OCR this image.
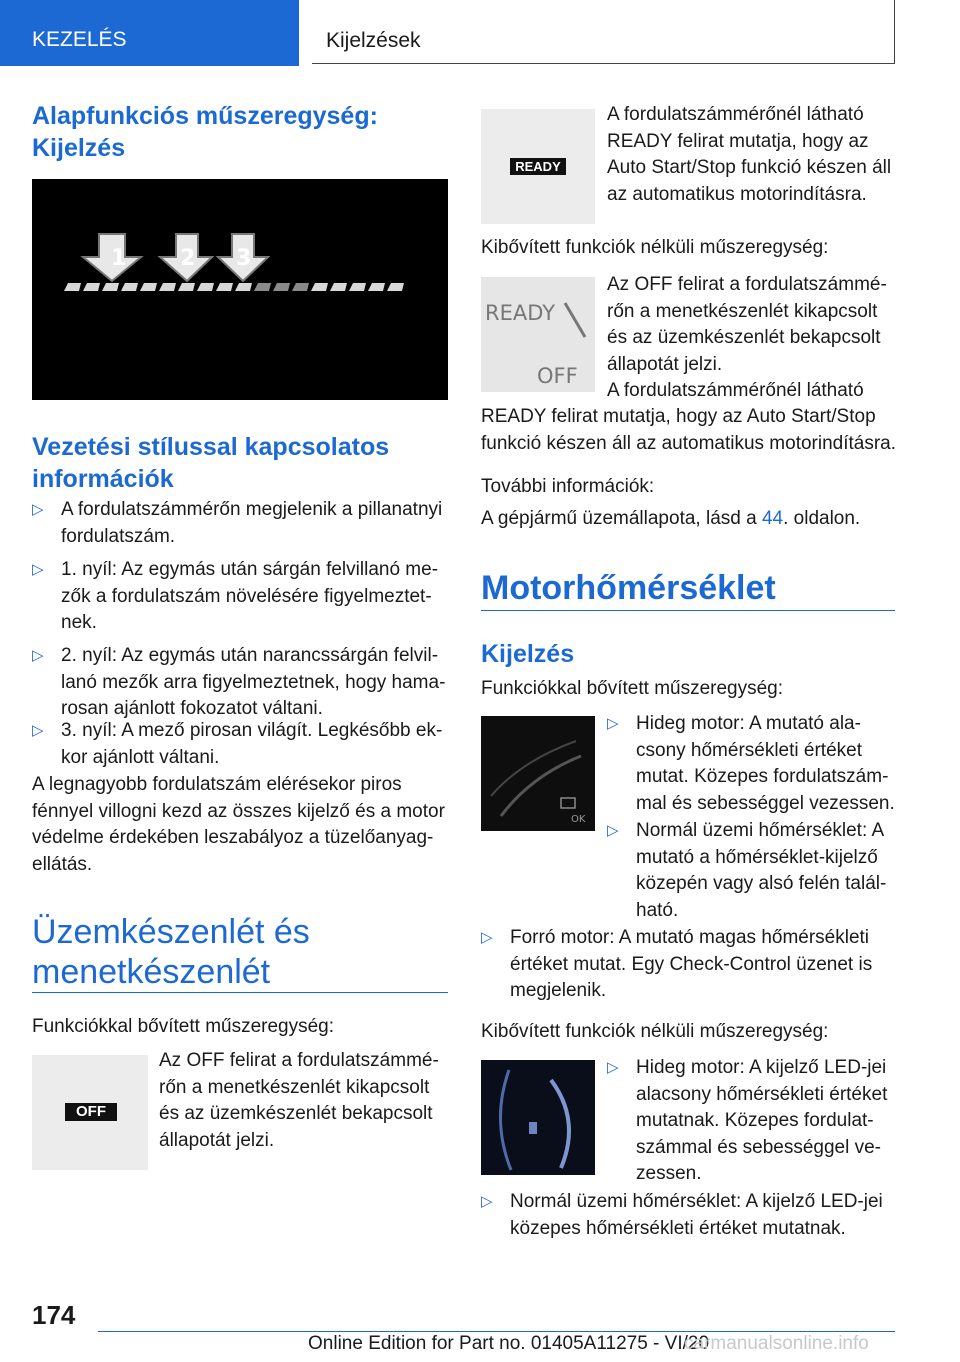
KEZELÉS	Kijelzések
Alapfunkciós műszeregység:
Kijelzés
1 2 3
Vezetési stílussal kapcsolatos
információk
▷ A fordulatszámmérőn megjelenik a pillanatnyi
fordulatszám.
▷ 1. nyíl: Az egymás után sárgán felvillanó me-
zők a fordulatszám növelésére figyelmeztet-
nek.
▷ 2. nyíl: Az egymás után narancssárgán felvil-
lanó mezők arra figyelmeztetnek, hogy hama-
rosan ajánlott fokozatot váltani.
▷ 3. nyíl: A mező pirosan világít. Legkésőbb ek-
kor ajánlott váltani.
A legnagyobb fordulatszám elérésekor piros
fénnyel villogni kezd az összes kijelző és a motor
védelme érdekében leszabályoz a tüzelőanyag-
ellátás.
Üzemkészenlét és
menetkészenlét
Funkciókkal bővített műszeregység:
OFF
Az OFF felirat a fordulatszámmé-
rőn a menetkészenlét kikapcsolt
és az üzemkészenlét bekapcsolt
állapotát jelzi.
READY
A fordulatszámmérőnél látható
READY felirat mutatja, hogy az
Auto Start/Stop funkció készen áll
az automatikus motorindításra.
Kibővített funkciók nélküli műszeregység:
READY
OFF
Az OFF felirat a fordulatszámmé-
rőn a menetkészenlét kikapcsolt
és az üzemkészenlét bekapcsolt
állapotát jelzi.
A fordulatszámmérőnél látható
READY felirat mutatja, hogy az Auto Start/Stop
funkció készen áll az automatikus motorindításra.
További információk:
A gépjármű üzemállapota, lásd a 44. oldalon.
Motorhőmérséklet
Kijelzés
Funkciókkal bővített műszeregység:
OK
▷ Hideg motor: A mutató ala-
csony hőmérsékleti értéket
mutat. Közepes fordulatszám-
mal és sebességgel vezessen.
▷ Normál üzemi hőmérséklet: A
mutató a hőmérséklet-kijelző
közepén vagy alsó felén talál-
ható.
▷ Forró motor: A mutató magas hőmérsékleti
értéket mutat. Egy Check-Control üzenet is
megjelenik.
Kibővített funkciók nélküli műszeregység:
▷ Hideg motor: A kijelző LED-jei
alacsony hőmérsékleti értéket
mutatnak. Közepes fordulat-
számmal és sebességgel ve-
zessen.
▷ Normál üzemi hőmérséklet: A kijelző LED-jei
közepes hőmérsékleti értéket mutatnak.
174
Online Edition for Part no. 01405A11275 - VI/20
carmanualsonline.info
